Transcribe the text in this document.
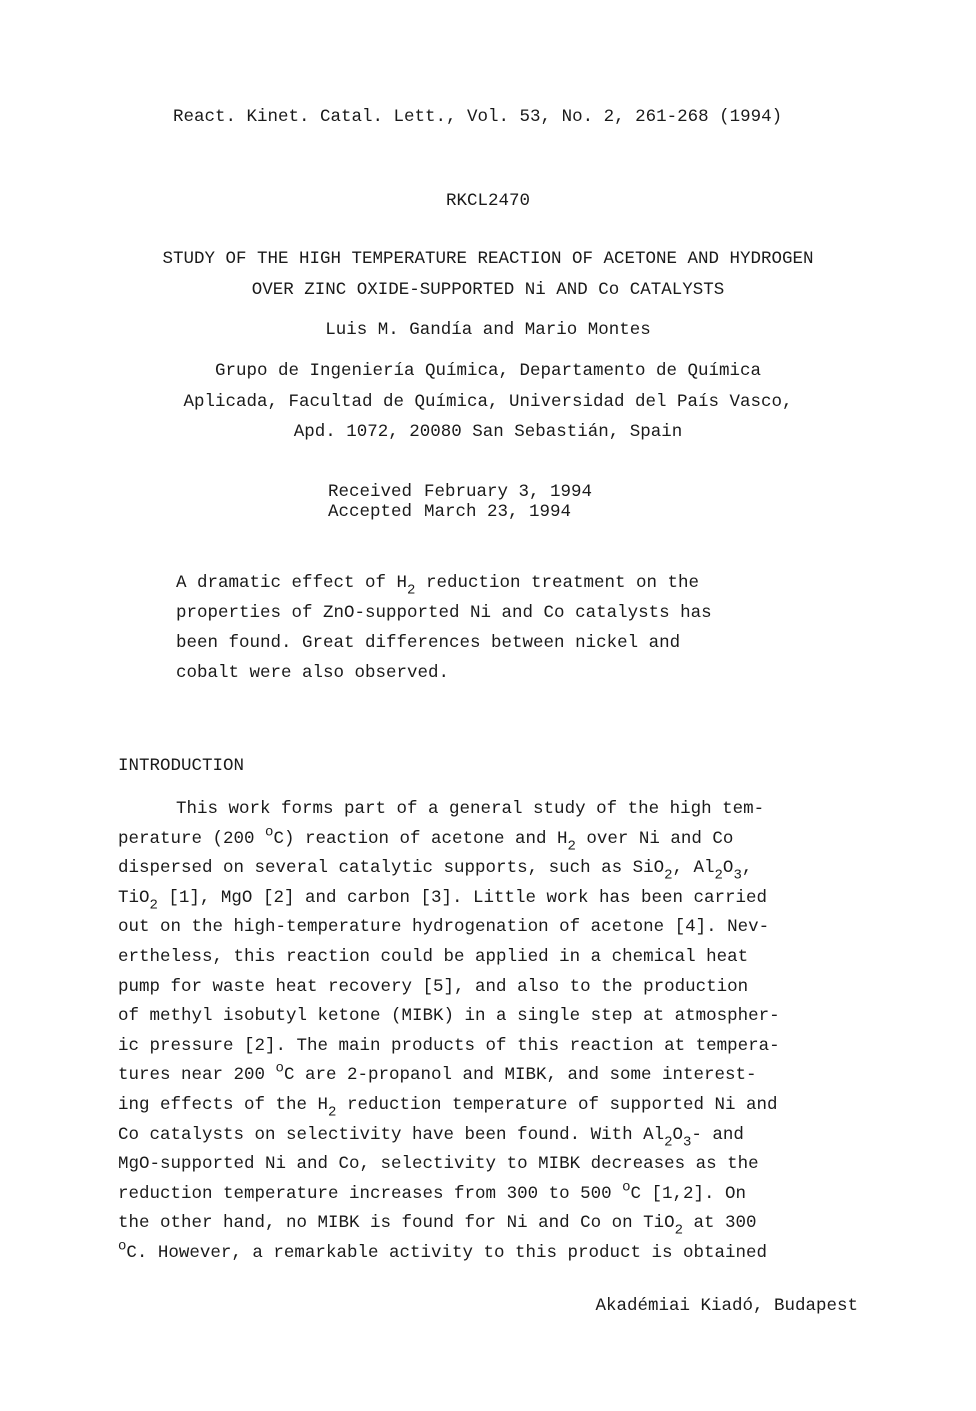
React. Kinet. Catal. Lett., Vol. 53, No. 2, 261-268 (1994)
RKCL2470
STUDY OF THE HIGH TEMPERATURE REACTION OF ACETONE AND HYDROGEN
OVER ZINC OXIDE-SUPPORTED Ni AND Co CATALYSTS
Luis M. Gandía and Mario Montes
Grupo de Ingeniería Química, Departamento de Química
Aplicada, Facultad de Química, Universidad del País Vasco,
Apd. 1072, 20080 San Sebastián, Spain
Received	February 3, 1994
Accepted	March 23, 1994
A dramatic effect of $H_2$ reduction treatment on the
properties of ZnO-supported Ni and Co catalysts has
been found. Great differences between nickel and
cobalt were also observed.
INTRODUCTION
This work forms part of a general study of the high tem-
perature (200 $^o$C) reaction of acetone and $H_2$ over Ni and Co
dispersed on several catalytic supports, such as SiO$_2$, $Al_2O_3$,
TiO$_2$ [1], MgO [2] and carbon [3]. Little work has been carried
out on the high-temperature hydrogenation of acetone [4]. Nev-
ertheless, this reaction could be applied in a chemical heat
pump for waste heat recovery [5], and also to the production
of methyl isobutyl ketone (MIBK) in a single step at atmospher-
ic pressure [2]. The main products of this reaction at tempera-
tures near 200 $^o$C are 2-propanol and MIBK, and some interest-
ing effects of the $H_2$ reduction temperature of supported Ni and
Co catalysts on selectivity have been found. With $Al_2O_3-$ and
MgO-supported Ni and Co, selectivity to MIBK decreases as the
reduction temperature increases from 300 to 500 $^o$C [1,2]. On
the other hand, no MIBK is found for Ni and Co on TiO$_2$ at 300
$^o$C. However, a remarkable activity to this product is obtained
Akadémiai Kiadó, Budapest
